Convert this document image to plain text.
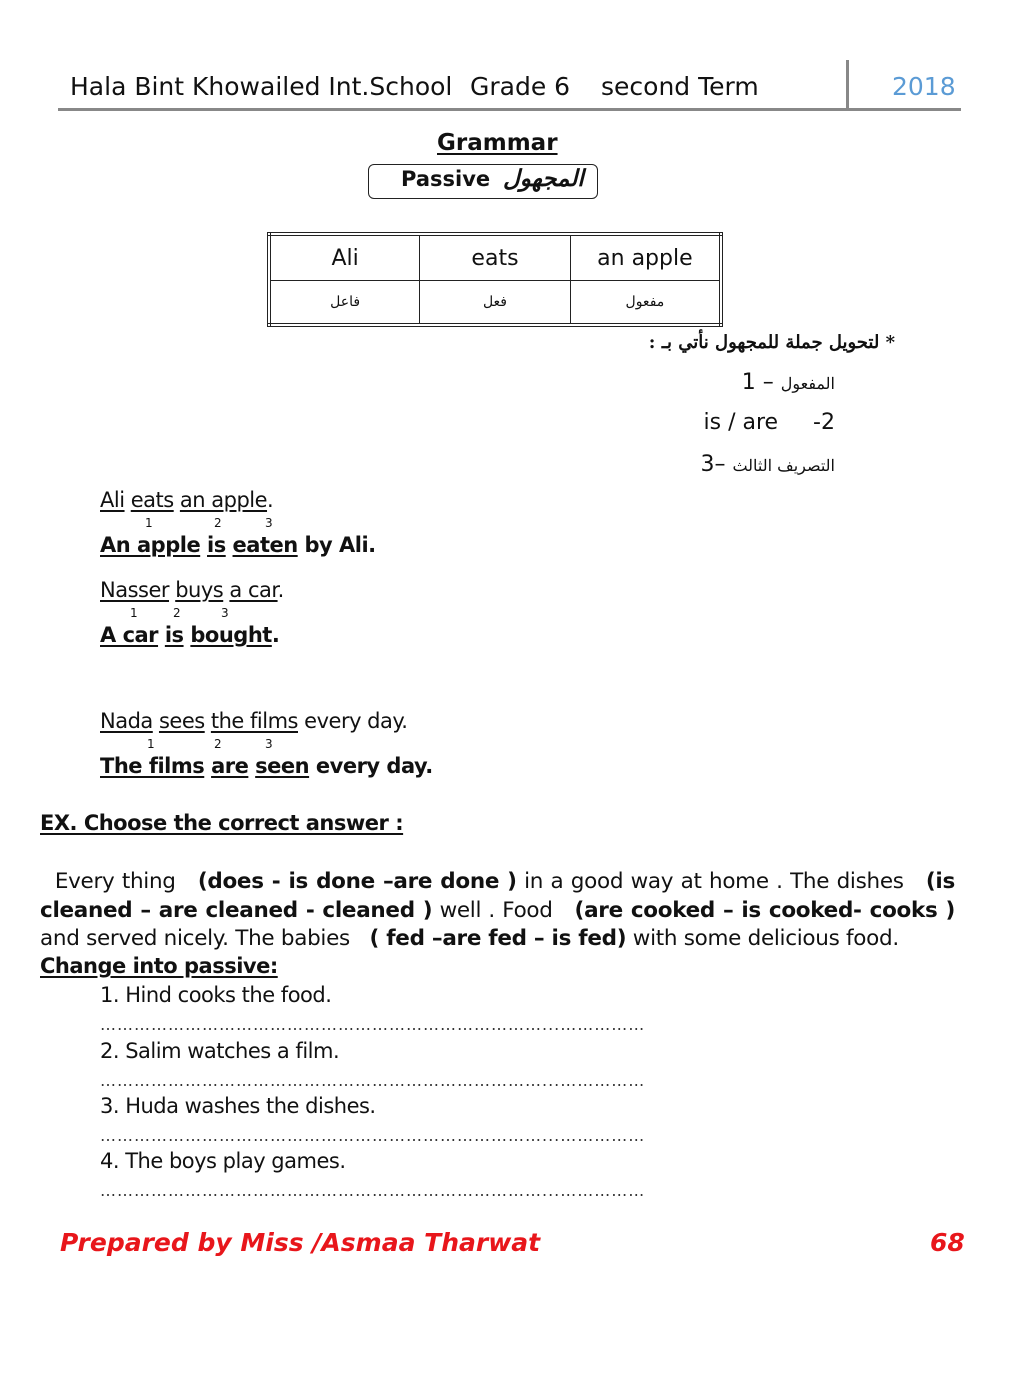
Hala Bint Khowailed Int.School Grade 6 second Term	2018
Grammar
Passive المجهول
Ali	eats	an apple
فاعل	فعل	مفعول
* لتحويل جملة للمجهول نأتي بـ :
المفعول – 1
is / are     -2
التصريف الثالث –3
Ali eats an apple.
1	2	3
An apple is eaten by Ali.
Nasser buys a car.
1	2	3
A car is bought.
Nada sees the films every day.
1	2	3
The films are seen every day.
EX. Choose the correct answer :
Every thing   (does - is done –are done ) in a good way at home . The dishes   (is cleaned – are cleaned - cleaned ) well . Food   (are cooked – is cooked- cooks ) and served nicely. The babies   ( fed –are fed – is fed) with some delicious food.
Change into passive:
1. Hind cooks the food.
……………………………………………………………………...……………
2. Salim watches a film.
……………………………………………………………………...……………
3. Huda washes the dishes.
……………………………………………………………………...……………
4. The boys play games.
……………………………………………………………………...……………
Prepared by Miss /Asmaa Tharwat	68
